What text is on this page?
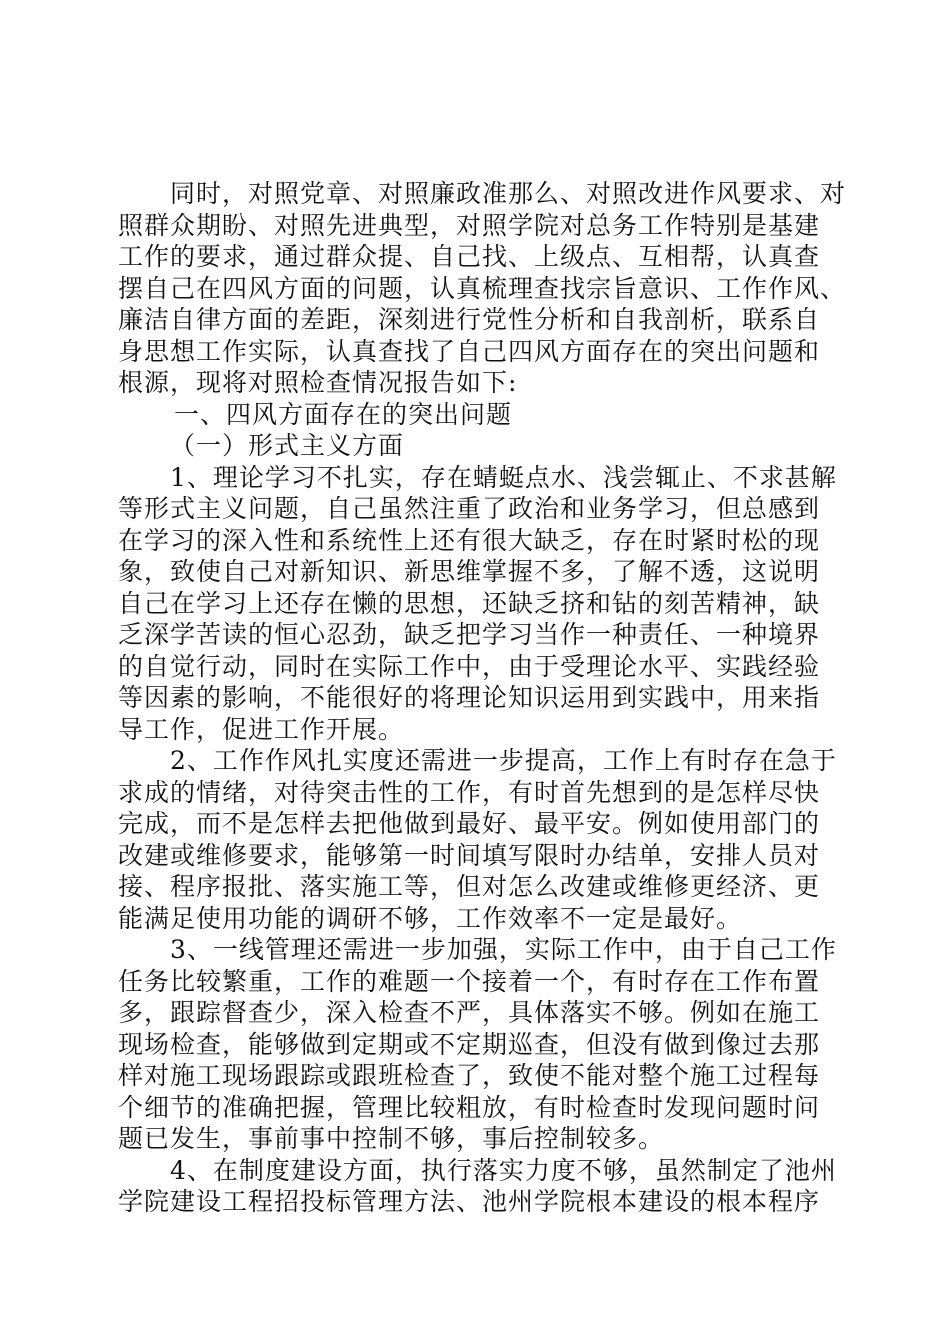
同时，对照党章、对照廉政准那么、对照改进作风要求、对
照群众期盼、对照先进典型，对照学院对总务工作特别是基建
工作的要求，通过群众提、自己找、上级点、互相帮，认真查
摆自己在四风方面的问题，认真梳理查找宗旨意识、工作作风、
廉洁自律方面的差距，深刻进行党性分析和自我剖析，联系自
身思想工作实际，认真查找了自己四风方面存在的突出问题和
根源，现将对照检查情况报告如下:
一、四风方面存在的突出问题
（一）形式主义方面
1、理论学习不扎实，存在蜻蜓点水、浅尝辄止、不求甚解
等形式主义问题，自己虽然注重了政治和业务学习，但总感到
在学习的深入性和系统性上还有很大缺乏，存在时紧时松的现
象，致使自己对新知识、新思维掌握不多，了解不透，这说明
自己在学习上还存在懒的思想，还缺乏挤和钻的刻苦精神，缺
乏深学苦读的恒心忍劲，缺乏把学习当作一种责任、一种境界
的自觉行动，同时在实际工作中，由于受理论水平、实践经验
等因素的影响，不能很好的将理论知识运用到实践中，用来指
导工作，促进工作开展。
2、工作作风扎实度还需进一步提高，工作上有时存在急于
求成的情绪，对待突击性的工作，有时首先想到的是怎样尽快
完成，而不是怎样去把他做到最好、最平安。例如使用部门的
改建或维修要求，能够第一时间填写限时办结单，安排人员对
接、程序报批、落实施工等，但对怎么改建或维修更经济、更
能满足使用功能的调研不够，工作效率不一定是最好。
3、一线管理还需进一步加强，实际工作中，由于自己工作
任务比较繁重，工作的难题一个接着一个，有时存在工作布置
多，跟踪督查少，深入检查不严，具体落实不够。例如在施工
现场检查，能够做到定期或不定期巡查，但没有做到像过去那
样对施工现场跟踪或跟班检查了，致使不能对整个施工过程每
个细节的准确把握，管理比较粗放，有时检查时发现问题时问
题已发生，事前事中控制不够，事后控制较多。
4、在制度建设方面，执行落实力度不够，虽然制定了池州
学院建设工程招投标管理方法、池州学院根本建设的根本程序
